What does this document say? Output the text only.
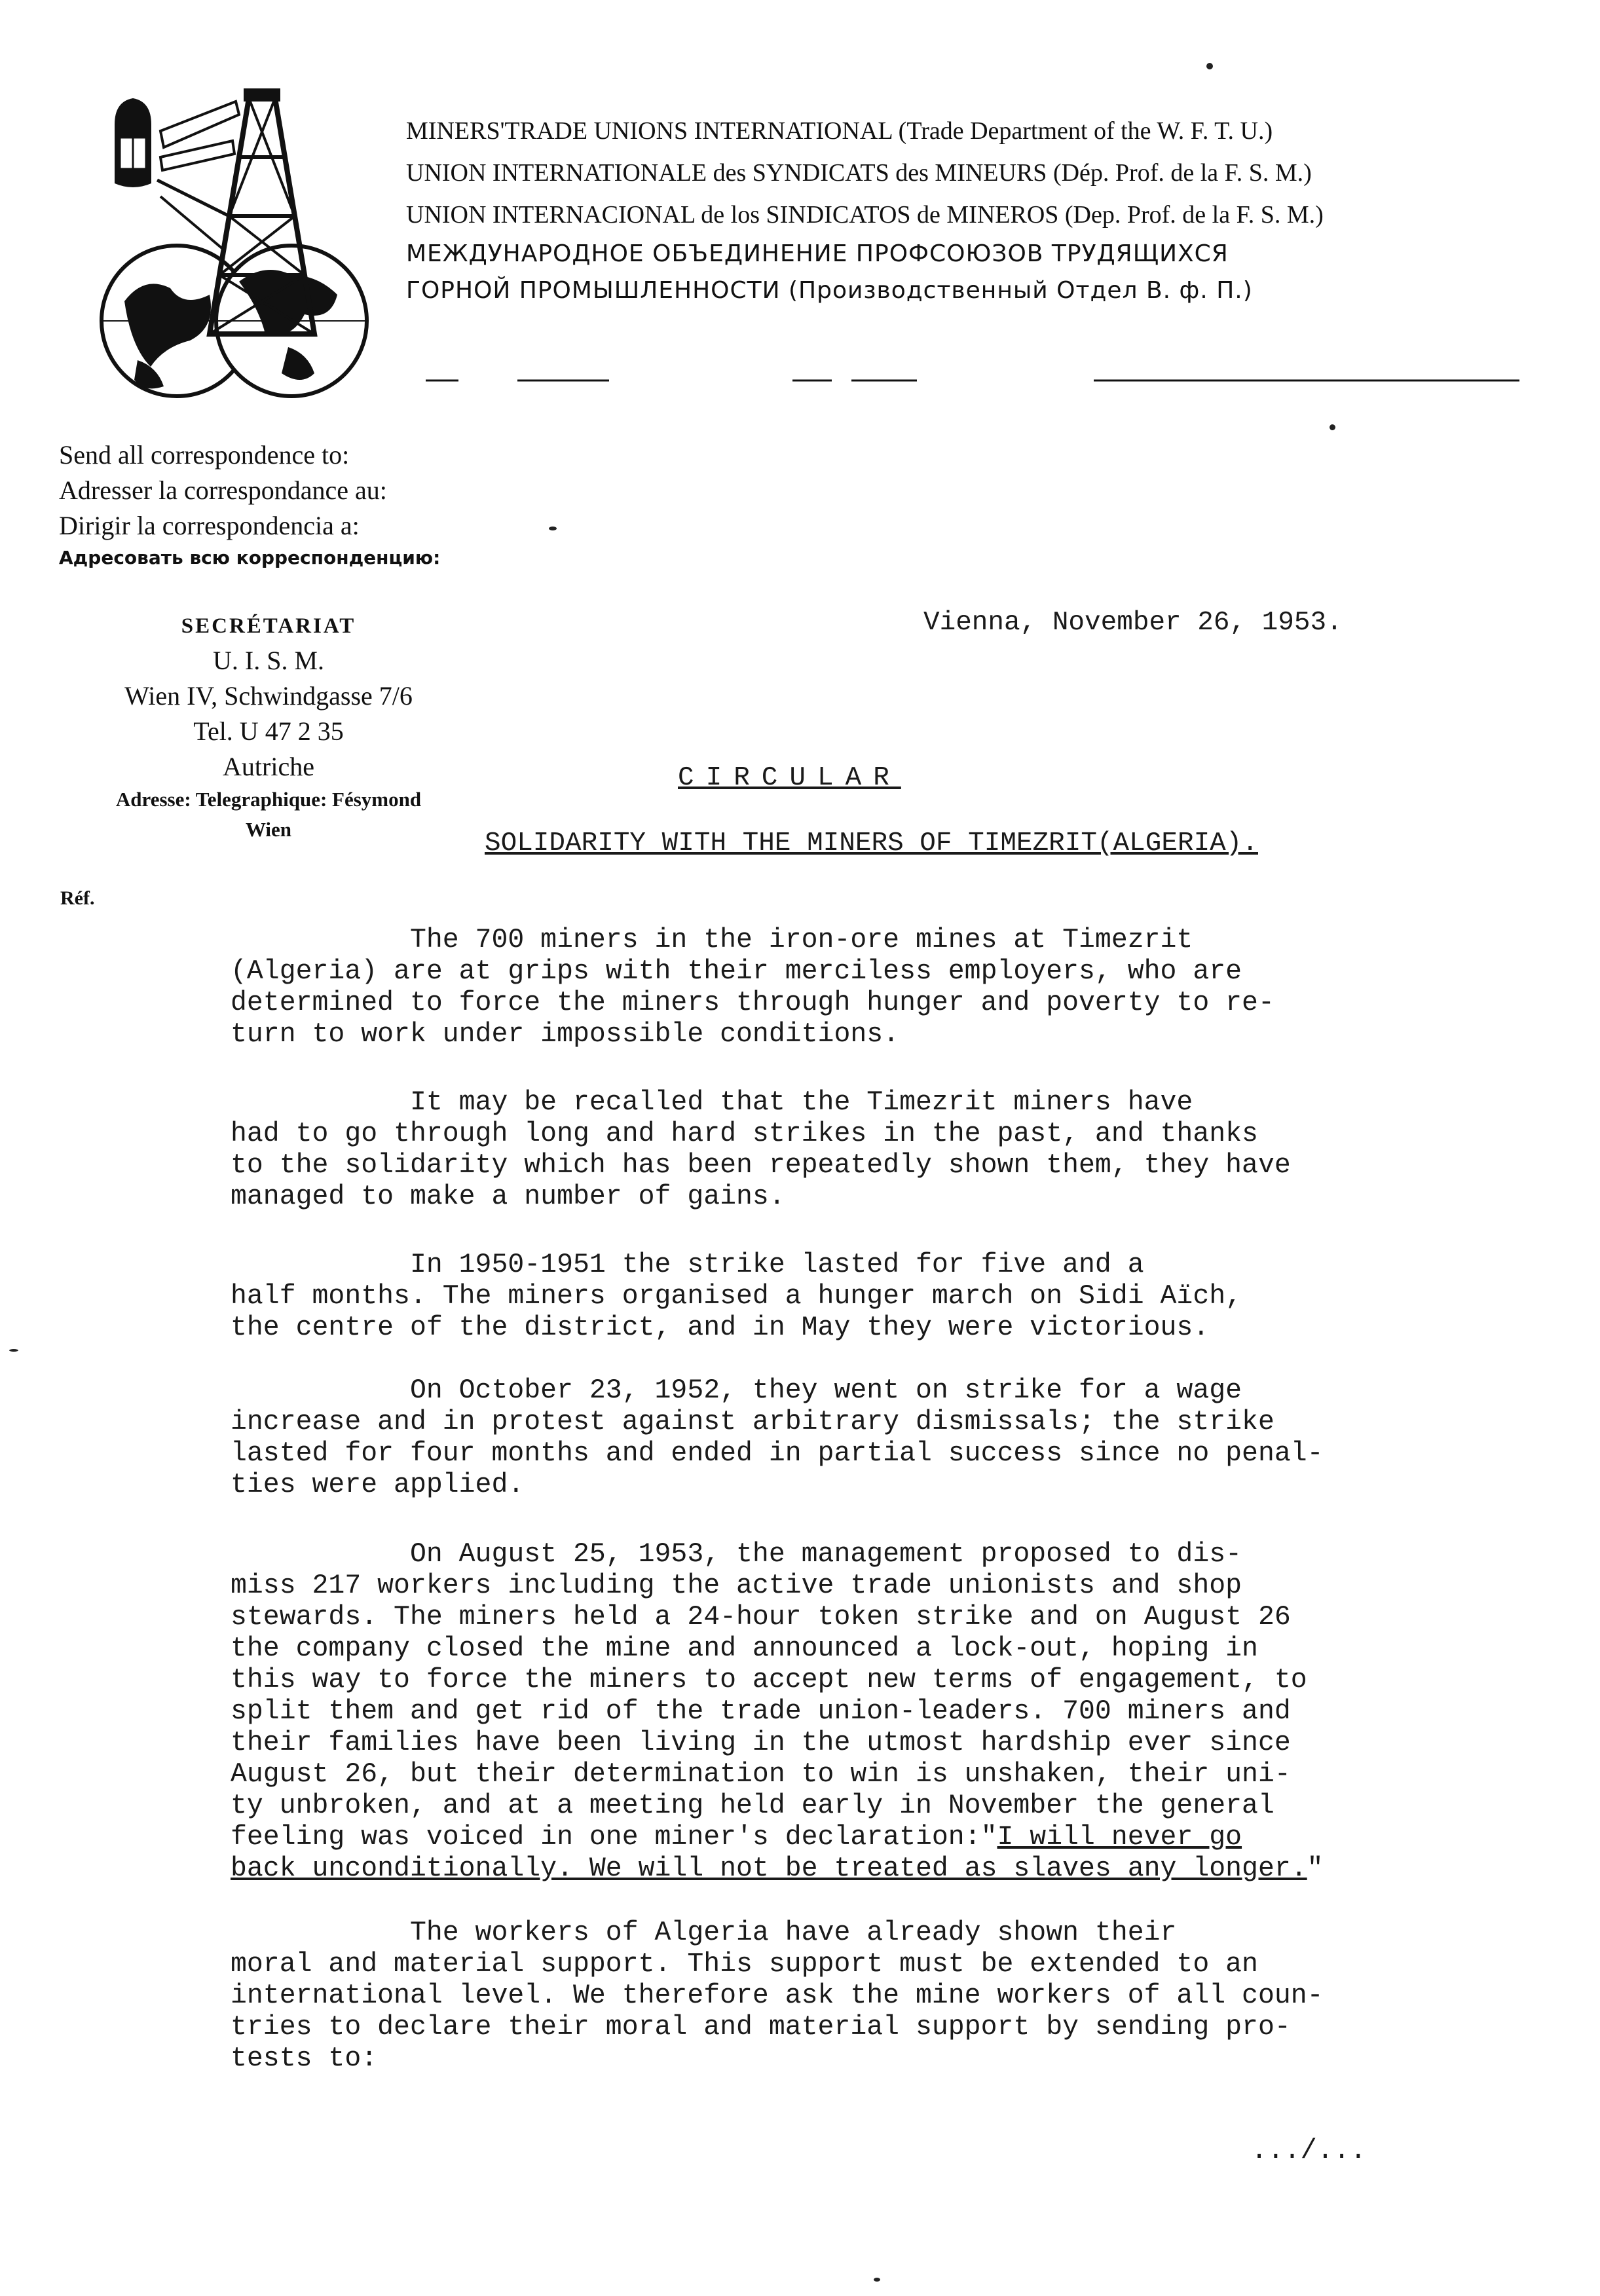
MINERS'TRADE UNIONS INTERNATIONAL (Trade Department of the W. F. T. U.)
UNION INTERNATIONALE des SYNDICATS des MINEURS (Dép. Prof. de la F. S. M.)
UNION INTERNACIONAL de los SINDICATOS de MINEROS (Dep. Prof. de la F. S. M.)
МЕЖДУНАРОДНОЕ ОБЪЕДИНЕНИЕ ПРОФСОЮЗОВ ТРУДЯЩИХСЯ
ГОРНОЙ ПРОМЫШЛЕННОСТИ (Производственный Отдел В. ф. П.)
Send all correspondence to:
Adresser la correspondance au:
Dirigir la correspondencia a:
Адресовать всю корреспонденцию:
SECRÉTARIAT
U. I. S. M.
Wien IV, Schwindgasse 7/6
Tel. U 47 2 35
Autriche
Adresse: Telegraphique: Fésymond
Wien
Réf.
Vienna, November 26, 1953.
CIRCULAR
SOLIDARITY WITH THE MINERS OF TIMEZRIT(ALGERIA).
The 700 miners in the iron-ore mines at Timezrit
(Algeria) are at grips with their merciless employers, who are
determined to force the miners through hunger and poverty to re-
turn to work under impossible conditions.
It may be recalled that the Timezrit miners have
had to go through long and hard strikes in the past, and thanks
to the solidarity which has been repeatedly shown them, they have
managed to make a number of gains.
In 1950-1951 the strike lasted for five and a
half months. The miners organised a hunger march on Sidi Aïch,
the centre of the district, and in May they were victorious.
On October 23, 1952, they went on strike for a wage
increase and in protest against arbitrary dismissals; the strike
lasted for four months and ended in partial success since no penal-
ties were applied.
On August 25, 1953, the management proposed to dis-
miss 217 workers including the active trade unionists and shop
stewards. The miners held a 24-hour token strike and on August 26
the company closed the mine and announced a lock-out, hoping in
this way to force the miners to accept new terms of engagement, to
split them and get rid of the trade union-leaders. 700 miners and
their families have been living in the utmost hardship ever since
August 26, but their determination to win is unshaken, their uni-
ty unbroken, and at a meeting held early in November the general
feeling was voiced in one miner's declaration:"I will never go
back unconditionally. We will not be treated as slaves any longer."
The workers of Algeria have already shown their
moral and material support. This support must be extended to an
international level. We therefore ask the mine workers of all coun-
tries to declare their moral and material support by sending pro-
tests to:
.../...
